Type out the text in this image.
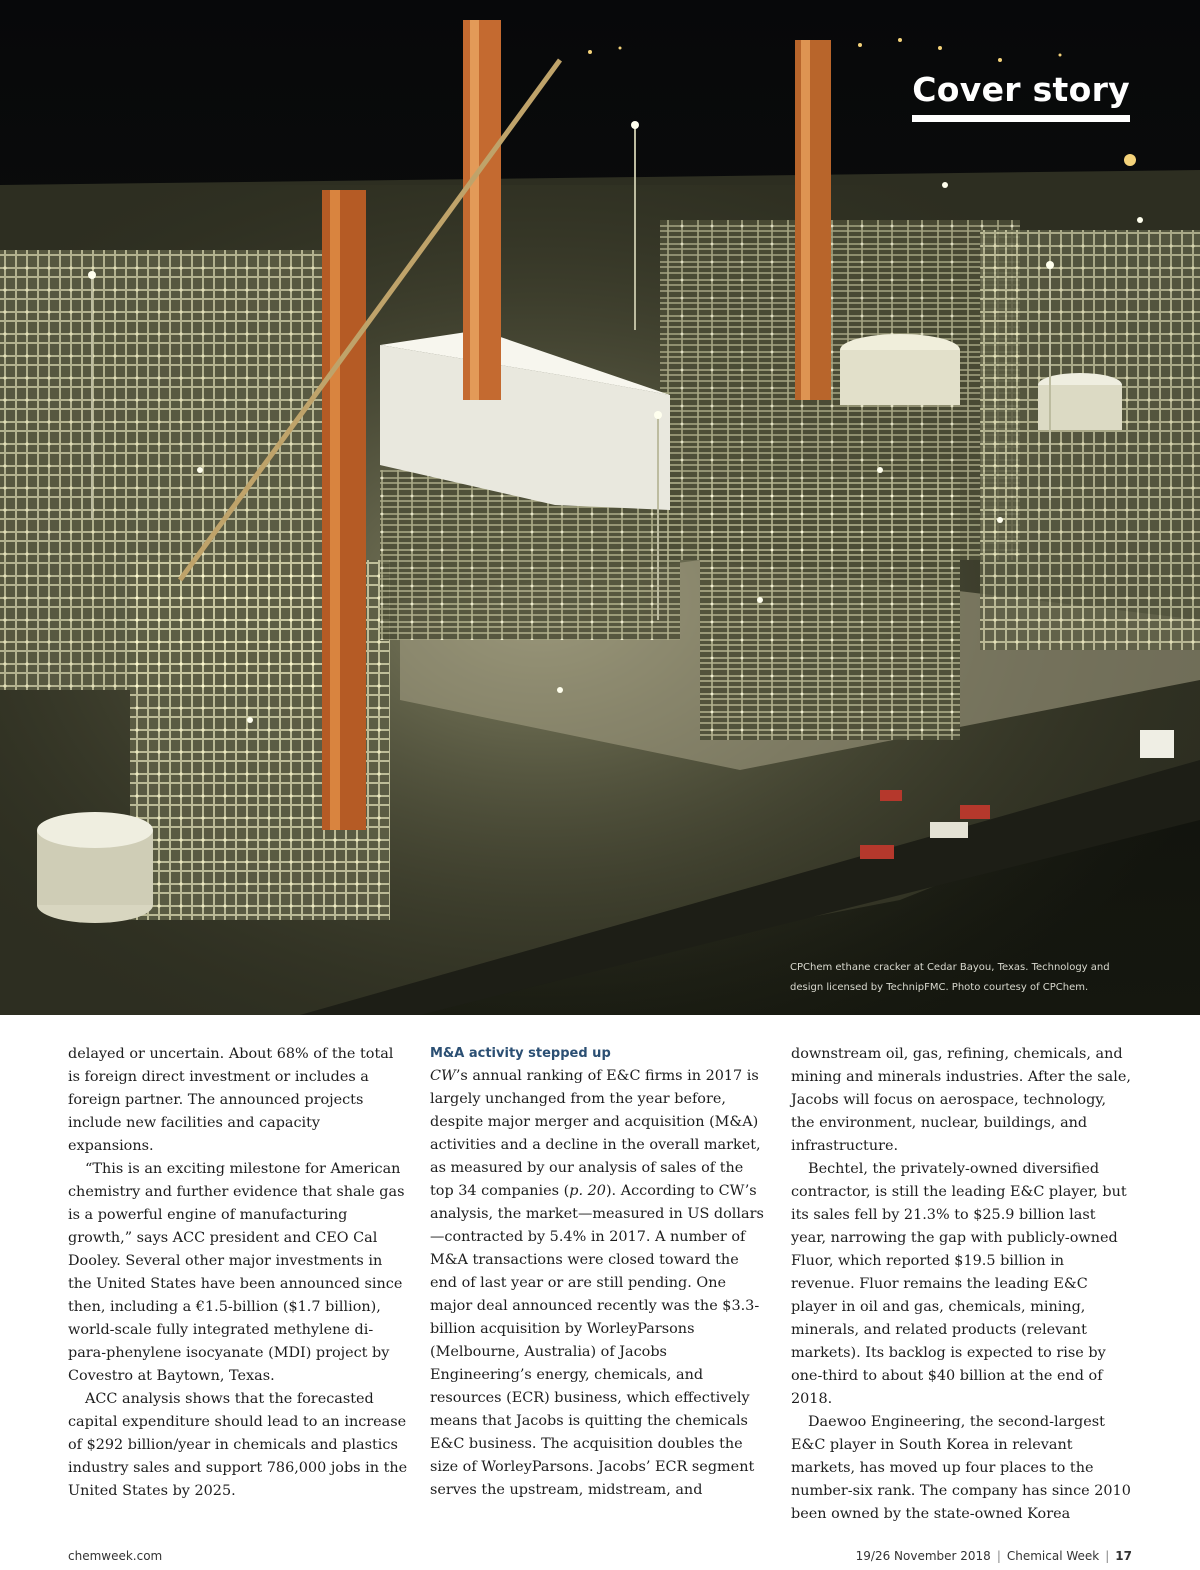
Cover story
CPChem ethane cracker at Cedar Bayou, Texas. Technology and
design licensed by TechnipFMC. Photo courtesy of CPChem.

delayed or uncertain. About 68% of the total is foreign direct investment or includes a foreign partner. The announced projects include new facilities and capacity expansions.

“This is an exciting milestone for American chemistry and further evidence that shale gas is a powerful engine of manufacturing growth,” says ACC president and CEO Cal Dooley. Several other major investments in the United States have been announced since then, including a €1.5-billion ($1.7 billion), world-scale fully integrated methylene di-para-phenylene isocyanate (MDI) project by Covestro at Baytown, Texas.

ACC analysis shows that the forecasted capital expenditure should lead to an increase of $292 billion/year in chemicals and plastics industry sales and support 786,000 jobs in the United States by 2025.

M&A activity stepped up

CW’s annual ranking of E&C firms in 2017 is largely unchanged from the year before, despite major merger and acquisition (M&A) activities and a decline in the overall market, as measured by our analysis of sales of the top 34 companies (p. 20). According to CW’s analysis, the market—measured in US dollars—contracted by 5.4% in 2017. A number of M&A transactions were closed toward the end of last year or are still pending. One major deal announced recently was the $3.3-billion acquisition by WorleyParsons (Melbourne, Australia) of Jacobs Engineering’s energy, chemicals, and resources (ECR) business, which effectively means that Jacobs is quitting the chemicals E&C business. The acquisition doubles the size of WorleyParsons. Jacobs’ ECR segment serves the upstream, midstream, and

downstream oil, gas, refining, chemicals, and mining and minerals industries. After the sale, Jacobs will focus on aerospace, technology, the environment, nuclear, buildings, and infrastructure.

Bechtel, the privately-owned diversified contractor, is still the leading E&C player, but its sales fell by 21.3% to $25.9 billion last year, narrowing the gap with publicly-owned Fluor, which reported $19.5 billion in revenue. Fluor remains the leading E&C player in oil and gas, chemicals, mining, minerals, and related products (relevant markets). Its backlog is expected to rise by one-third to about $40 billion at the end of 2018.

Daewoo Engineering, the second-largest E&C player in South Korea in relevant markets, has moved up four places to the number-six rank. The company has since 2010 been owned by the state-owned Korea

chemweek.com	19/26 November 2018 | Chemical Week | 17
